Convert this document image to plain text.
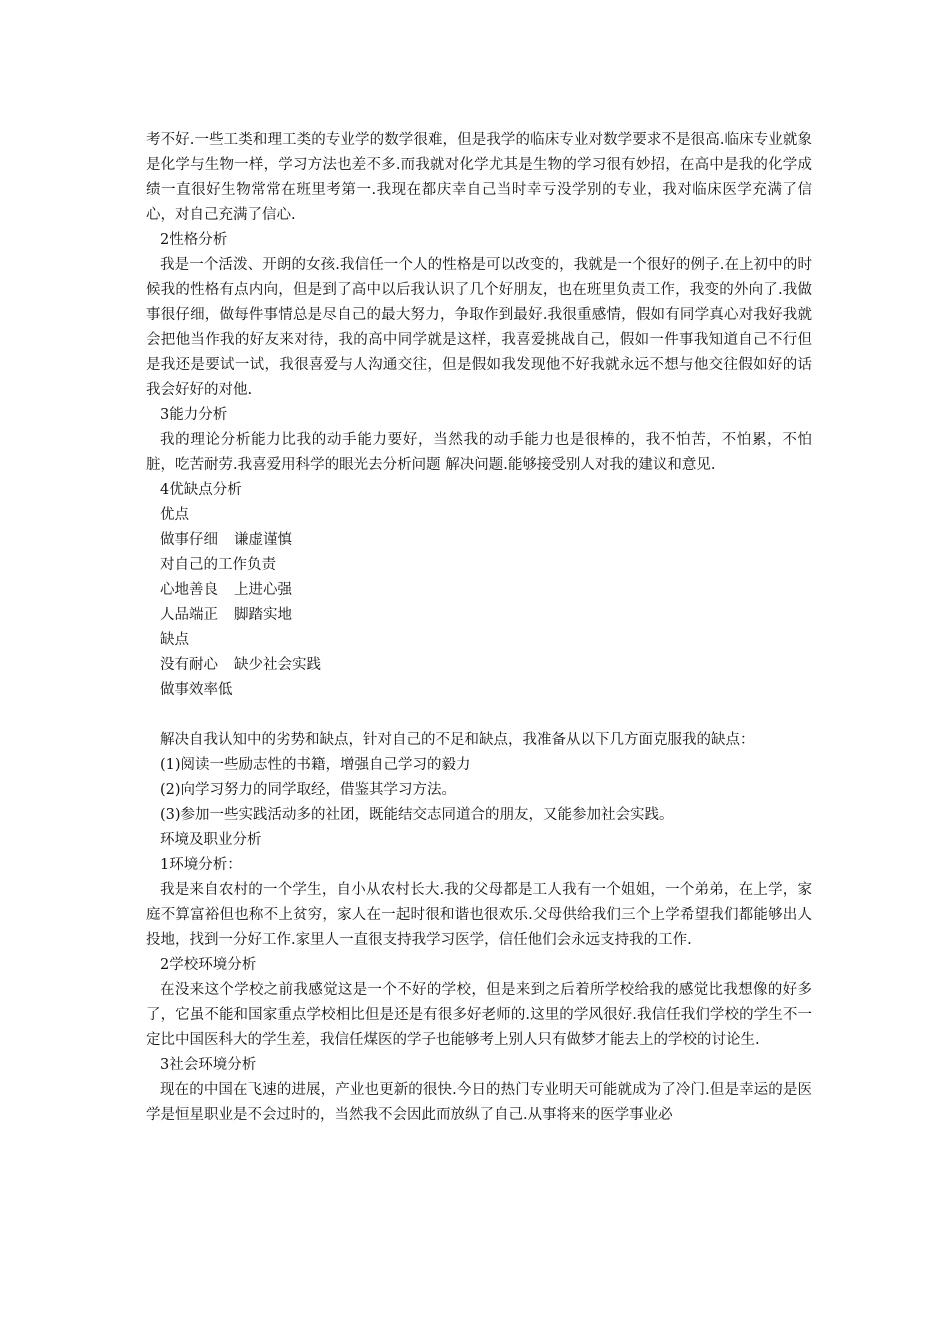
考不好.一些工类和理工类的专业学的数学很难，但是我学的临床专业对数学要求不是很高.临床专业就象是化学与生物一样，学习方法也差不多.而我就对化学尤其是生物的学习很有妙招，在高中是我的化学成绩一直很好生物常常在班里考第一.我现在都庆幸自己当时幸亏没学别的专业，我对临床医学充满了信心，对自己充满了信心.

2性格分析

我是一个活泼、开朗的女孩.我信任一个人的性格是可以改变的，我就是一个很好的例子.在上初中的时候我的性格有点内向，但是到了高中以后我认识了几个好朋友，也在班里负责工作，我变的外向了.我做事很仔细，做每件事情总是尽自己的最大努力，争取作到最好.我很重感情，假如有同学真心对我好我就会把他当作我的好友来对待，我的高中同学就是这样，我喜爱挑战自己，假如一件事我知道自己不行但是我还是要试一试，我很喜爱与人沟通交往，但是假如我发现他不好我就永远不想与他交往假如好的话我会好好的对他.

3能力分析

我的理论分析能力比我的动手能力要好，当然我的动手能力也是很棒的，我不怕苦，不怕累，不怕脏，吃苦耐劳.我喜爱用科学的眼光去分析问题 解决问题.能够接受别人对我的建议和意见.

4优缺点分析

优点

做事仔细 谦虚谨慎

对自己的工作负责

心地善良 上进心强

人品端正 脚踏实地

缺点

没有耐心 缺少社会实践

做事效率低

解决自我认知中的劣势和缺点，针对自己的不足和缺点，我准备从以下几方面克服我的缺点：

(1)阅读一些励志性的书籍，增强自己学习的毅力

(2)向学习努力的同学取经，借鉴其学习方法。

(3)参加一些实践活动多的社团，既能结交志同道合的朋友，又能参加社会实践。

环境及职业分析

1环境分析：

我是来自农村的一个学生，自小从农村长大.我的父母都是工人我有一个姐姐，一个弟弟，在上学，家庭不算富裕但也称不上贫穷，家人在一起时很和谐也很欢乐.父母供给我们三个上学希望我们都能够出人投地，找到一分好工作.家里人一直很支持我学习医学，信任他们会永远支持我的工作.

2学校环境分析

在没来这个学校之前我感觉这是一个不好的学校，但是来到之后着所学校给我的感觉比我想像的好多了，它虽不能和国家重点学校相比但是还是有很多好老师的.这里的学风很好.我信任我们学校的学生不一定比中国医科大的学生差，我信任煤医的学子也能够考上别人只有做梦才能去上的学校的讨论生.

3社会环境分析

现在的中国在飞速的进展，产业也更新的很快.今日的热门专业明天可能就成为了冷门.但是幸运的是医学是恒星职业是不会过时的，当然我不会因此而放纵了自己.从事将来的医学事业必
